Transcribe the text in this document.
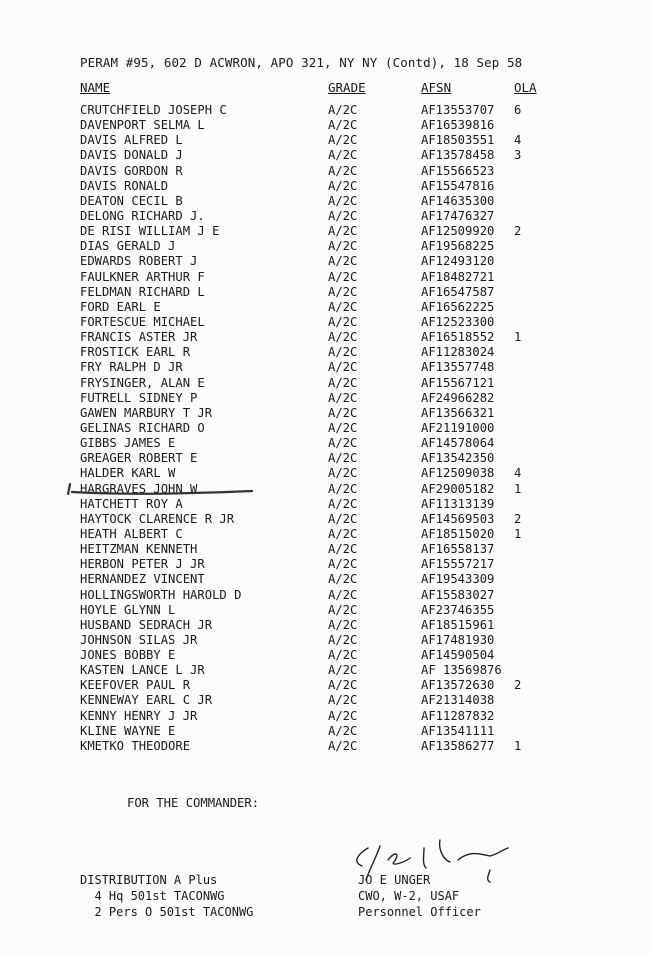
PERAM #95, 602 D ACWRON, APO 321, NY NY (Contd), 18 Sep 58
NAME	GRADE	AFSN	OLA
CRUTCHFIELD JOSEPH C	A/2C	AF13553707 6
DAVENPORT SELMA L	A/2C	AF16539816
DAVIS ALFRED L	A/2C	AF18503551 4
DAVIS DONALD J	A/2C	AF13578458 3
DAVIS GORDON R	A/2C	AF15566523
DAVIS RONALD	A/2C	AF15547816
DEATON CECIL B	A/2C	AF14635300
DELONG RICHARD J.	A/2C	AF17476327
DE RISI WILLIAM J E	A/2C	AF12509920 2
DIAS GERALD J	A/2C	AF19568225
EDWARDS ROBERT J	A/2C	AF12493120
FAULKNER ARTHUR F	A/2C	AF18482721
FELDMAN RICHARD L	A/2C	AF16547587
FORD EARL E	A/2C	AF16562225
FORTESCUE MICHAEL	A/2C	AF12523300
FRANCIS ASTER JR	A/2C	AF16518552 1
FROSTICK EARL R	A/2C	AF11283024
FRY RALPH D JR	A/2C	AF13557748
FRYSINGER, ALAN E	A/2C	AF15567121
FUTRELL SIDNEY P	A/2C	AF24966282
GAWEN MARBURY T JR	A/2C	AF13566321
GELINAS RICHARD O	A/2C	AF21191000
GIBBS JAMES E	A/2C	AF14578064
GREAGER ROBERT E	A/2C	AF13542350
HALDER KARL W	A/2C	AF12509038 4
HARGRAVES JOHN W	A/2C	AF29005182 1
HATCHETT ROY A	A/2C	AF11313139
HAYTOCK CLARENCE R JR	A/2C	AF14569503 2
HEATH ALBERT C	A/2C	AF18515020 1
HEITZMAN KENNETH	A/2C	AF16558137
HERBON PETER J JR	A/2C	AF15557217
HERNANDEZ VINCENT	A/2C	AF19543309
HOLLINGSWORTH HAROLD D	A/2C	AF15583027
HOYLE GLYNN L	A/2C	AF23746355
HUSBAND SEDRACH JR	A/2C	AF18515961
JOHNSON SILAS JR	A/2C	AF17481930
JONES BOBBY E	A/2C	AF14590504
KASTEN LANCE L JR	A/2C	AF 13569876
KEEFOVER PAUL R	A/2C	AF13572630 2
KENNEWAY EARL C JR	A/2C	AF21314038
KENNY HENRY J JR	A/2C	AF11287832
KLINE WAYNE E	A/2C	AF13541111
KMETKO THEODORE	A/2C	AF13586277 1
FOR THE COMMANDER:
DISTRIBUTION A Plus
4 Hq 501st TACONWG
2 Pers O 501st TACONWG
JO E UNGER
CWO, W-2, USAF
Personnel Officer
